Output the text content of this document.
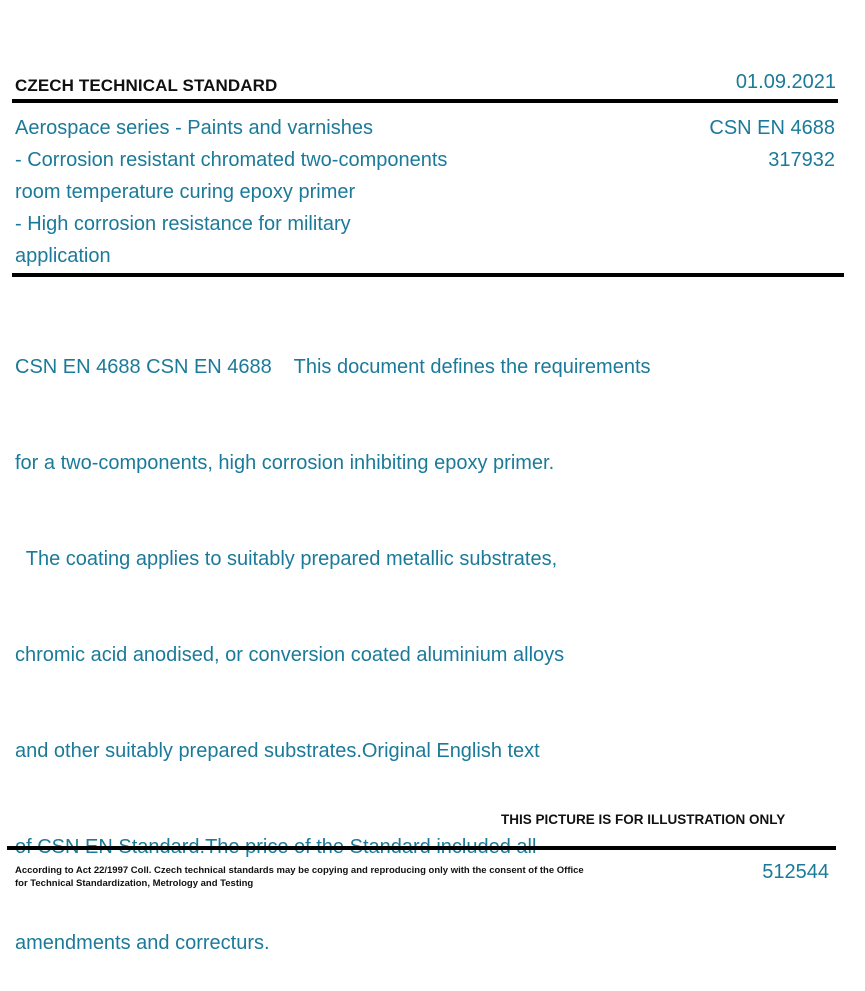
CZECH TECHNICAL STANDARD	01.09.2021
Aerospace series - Paints and varnishes
- Corrosion resistant chromated two-components
room temperature curing epoxy primer
- High corrosion resistance for military
application
CSN EN 4688
317932

CSN EN 4688 CSN EN 4688    This document defines the requirements

for a two-components, high corrosion inhibiting epoxy primer.

The coating applies to suitably prepared metallic substrates,

chromic acid anodised, or conversion coated aluminium alloys

and other suitably prepared substrates.Original English text

amendments and correcturs.

THIS PICTURE IS FOR ILLUSTRATION ONLY
According to Act 22/1997 Coll. Czech technical standards may be copying and reproducing only with the consent of the Office
for Technical Standardization, Metrology and Testing
512544
